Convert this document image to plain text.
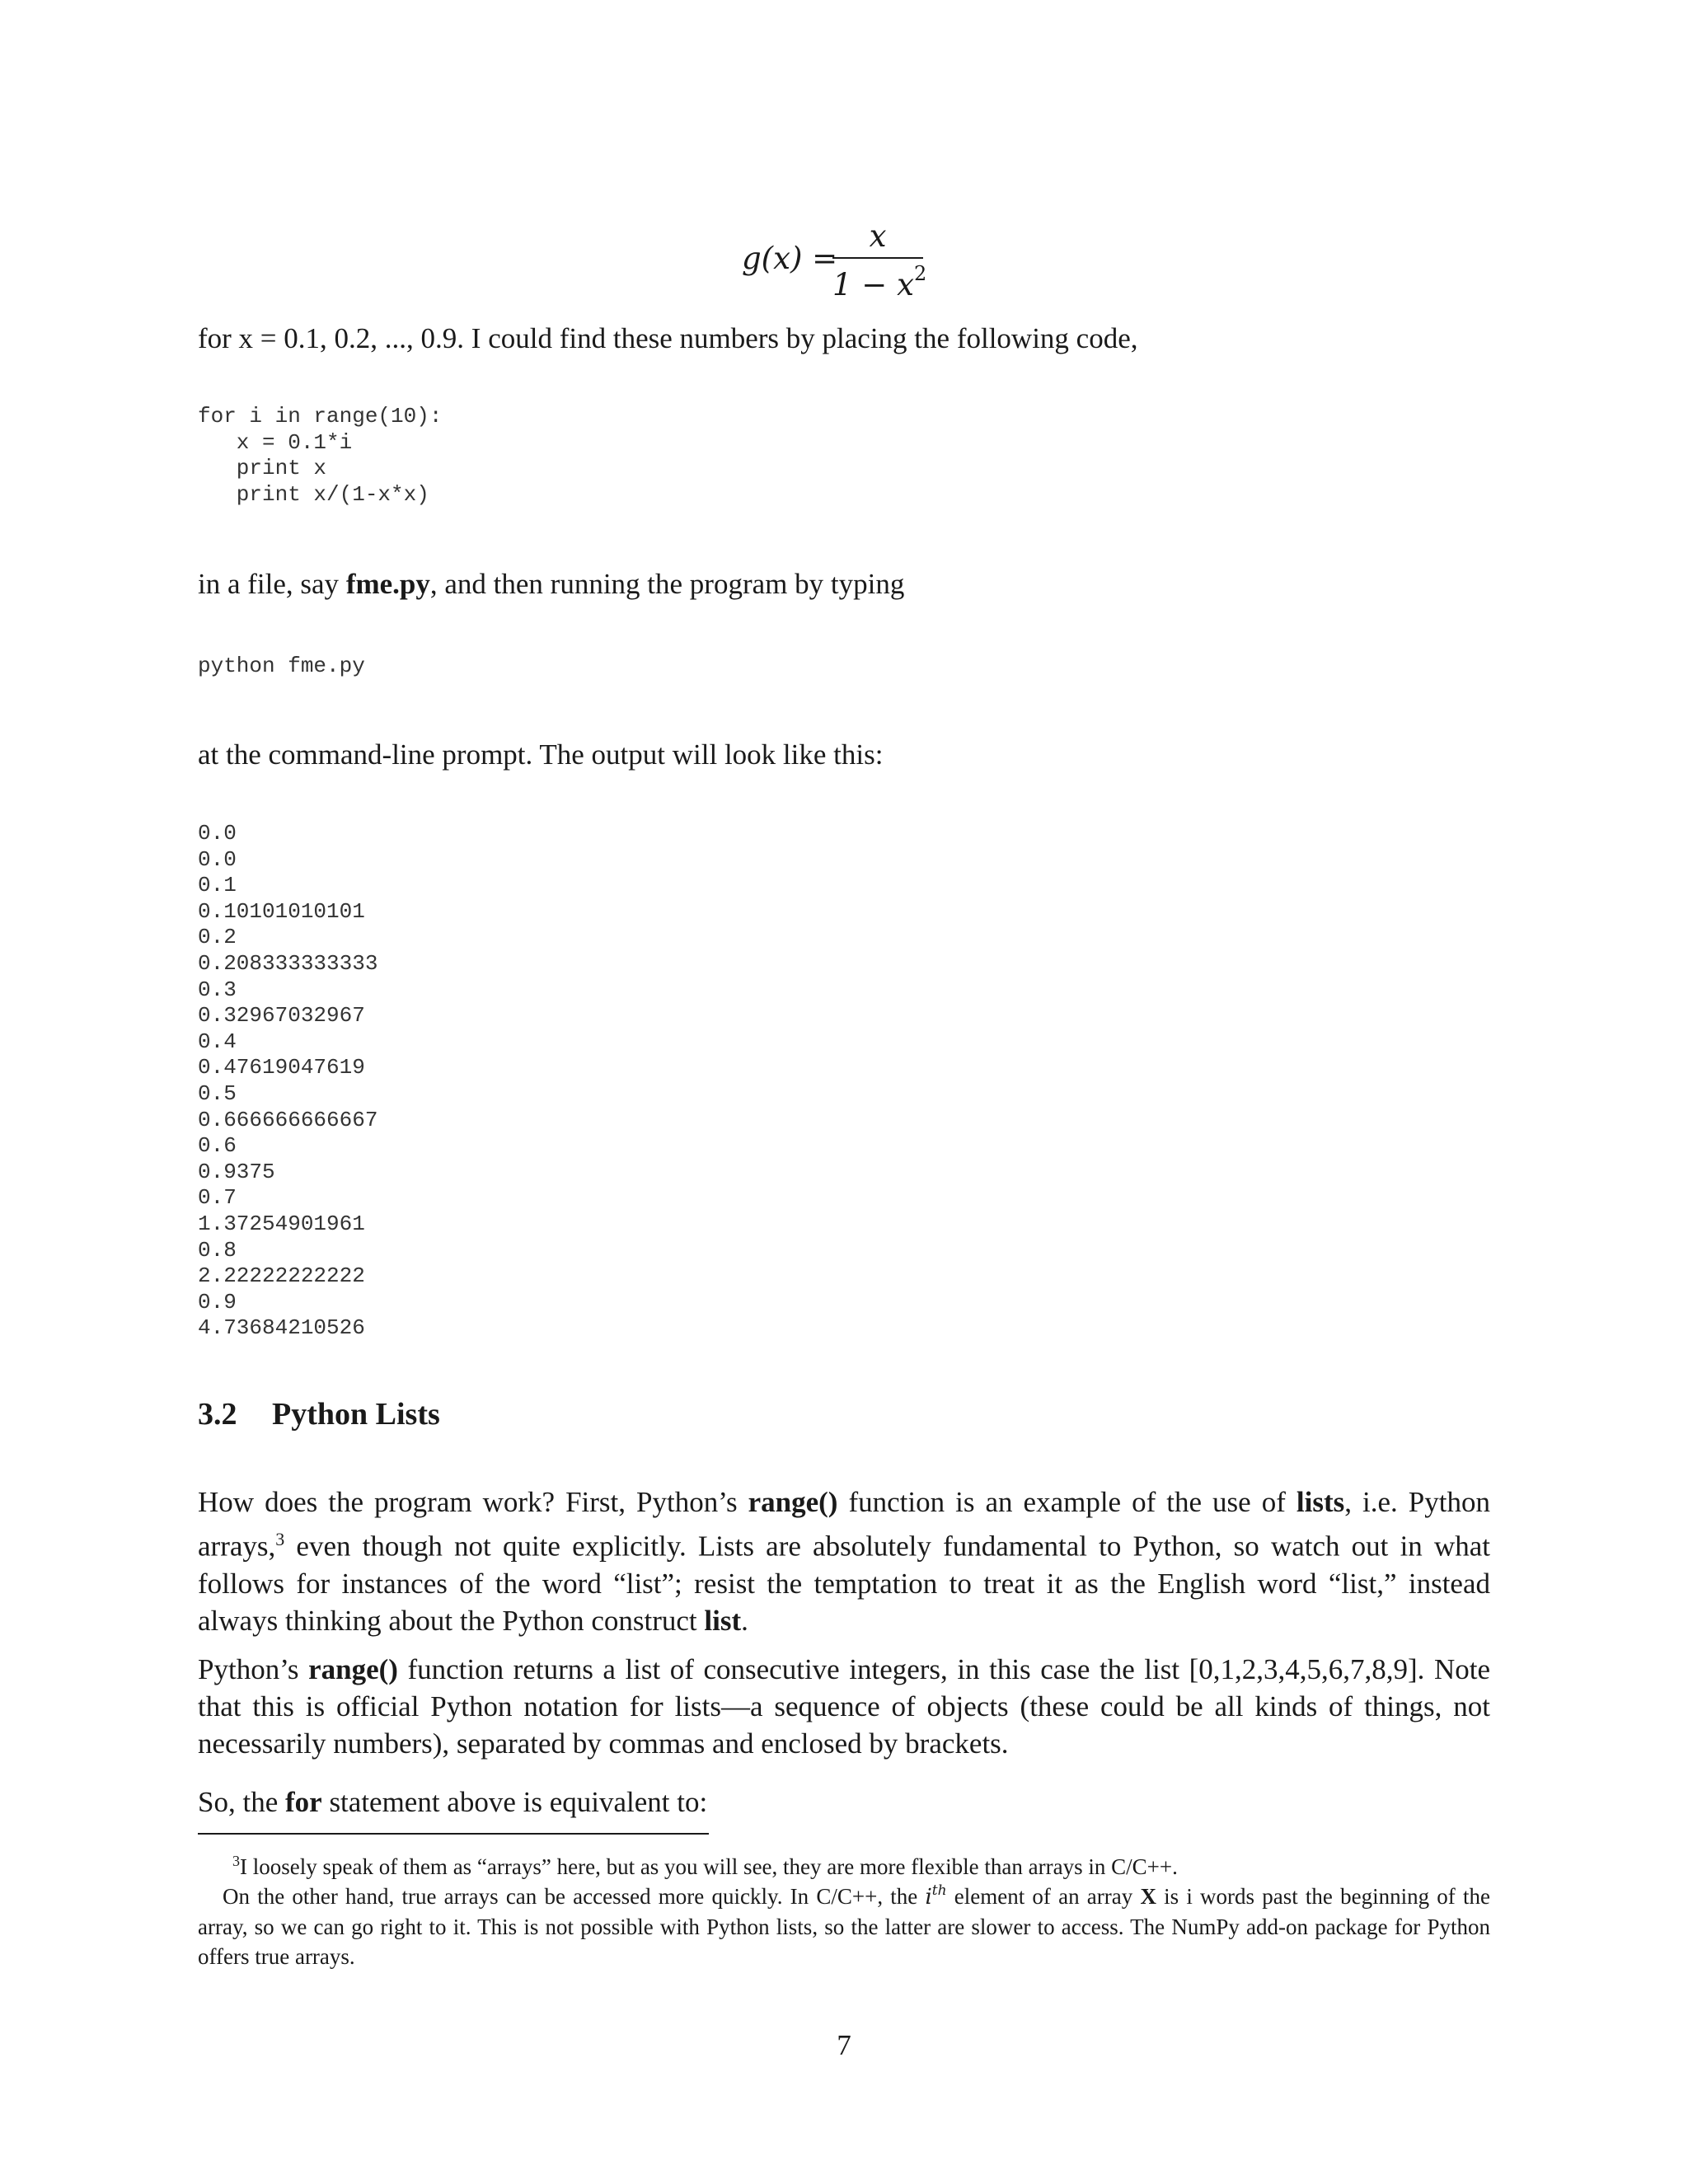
g(x) =
x
$1 - x^2$
for x = 0.1, 0.2, ..., 0.9. I could find these numbers by placing the following code,
for i in range(10):
x = 0.1*i
print x
print x/(1-x*x)
in a file, say fme.py, and then running the program by typing
python fme.py
at the command-line prompt. The output will look like this:
0.0
0.0
0.1
0.10101010101
0.2
0.208333333333
0.3
0.32967032967
0.4
0.47619047619
0.5
0.666666666667
0.6
0.9375
0.7
1.37254901961
0.8
2.22222222222
0.9
4.73684210526
3.2 Python Lists
How does the program work? First, Python’s range() function is an example of the use of lists, i.e. Python arrays,$^3$ even though not quite explicitly. Lists are absolutely fundamental to Python, so watch out in what follows for instances of the word “list”; resist the temptation to treat it as the English word “list,” instead always thinking about the Python construct list.
Python’s range() function returns a list of consecutive integers, in this case the list [0,1,2,3,4,5,6,7,8,9]. Note that this is official Python notation for lists—a sequence of objects (these could be all kinds of things, not necessarily numbers), separated by commas and enclosed by brackets.
So, the for statement above is equivalent to:
$^3$I loosely speak of them as “arrays” here, but as you will see, they are more flexible than arrays in C/C++.
On the other hand, true arrays can be accessed more quickly. In C/C++, the $i^{th}$ element of an array X is i words past the beginning of the array, so we can go right to it. This is not possible with Python lists, so the latter are slower to access. The NumPy add-on package for Python offers true arrays.
7
